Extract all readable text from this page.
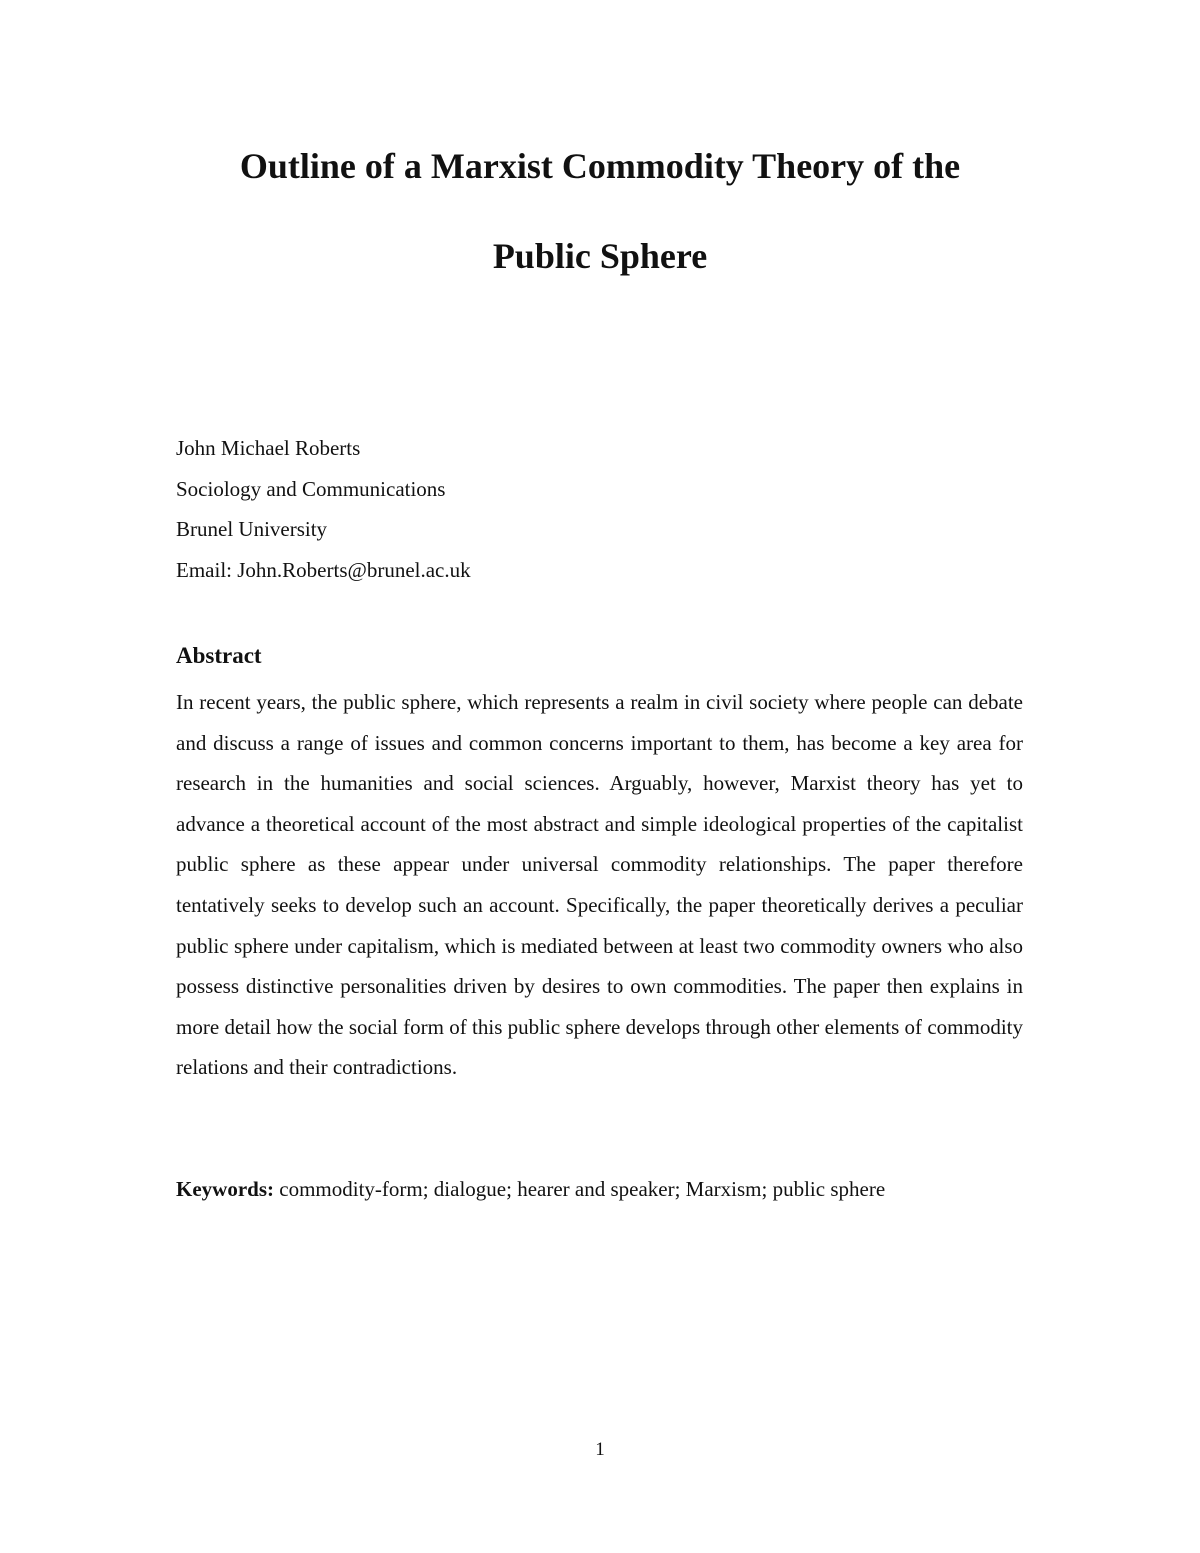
Outline of a Marxist Commodity Theory of the
Public Sphere
John Michael Roberts
Sociology and Communications
Brunel University
Email: John.Roberts@brunel.ac.uk
Abstract

In recent years, the public sphere, which represents a realm in civil society where people can debate and discuss a range of issues and common concerns important to them, has become a key area for research in the humanities and social sciences. Arguably, however, Marxist theory has yet to advance a theoretical account of the most abstract and simple ideological properties of the capitalist public sphere as these appear under universal commodity relationships. The paper therefore tentatively seeks to develop such an account. Specifically, the paper theoretically derives a peculiar public sphere under capitalism, which is mediated between at least two commodity owners who also possess distinctive personalities driven by desires to own commodities. The paper then explains in more detail how the social form of this public sphere develops through other elements of commodity relations and their contradictions.

Keywords: commodity-form; dialogue; hearer and speaker; Marxism; public sphere
1
